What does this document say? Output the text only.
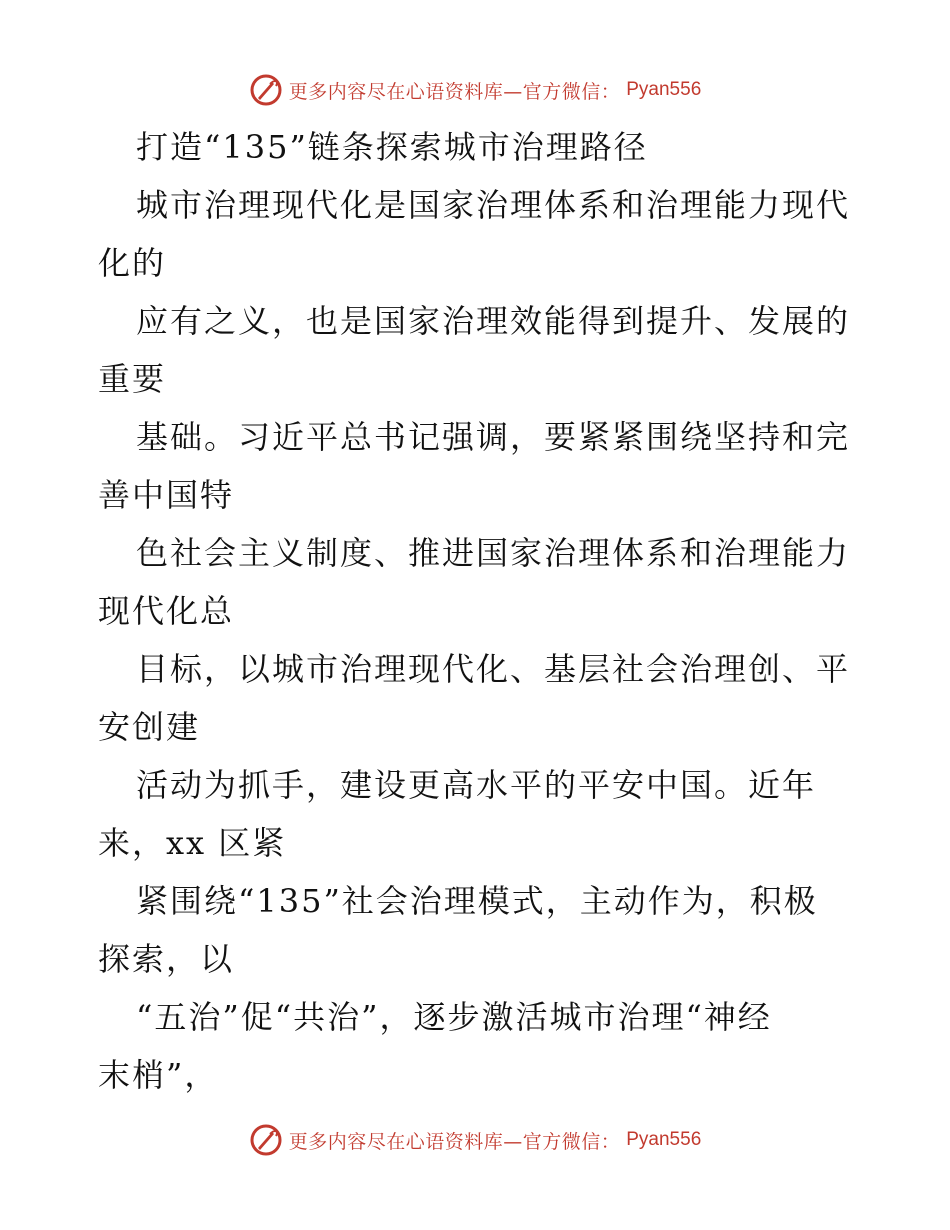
更多内容尽在心语资料库—官方微信： Pyan556
打造“135”链条探索城市治理路径
城市治理现代化是国家治理体系和治理能力现代
化的
应有之义，也是国家治理效能得到提升、发展的
重要
基础。习近平总书记强调，要紧紧围绕坚持和完
善中国特
色社会主义制度、推进国家治理体系和治理能力
现代化总
目标，以城市治理现代化、基层社会治理创、平
安创建
活动为抓手，建设更高水平的平安中国。近年
来，xx 区紧
紧围绕“135”社会治理模式，主动作为，积极
探索，以
“五治”促“共治”，逐步激活城市治理“神经
末梢”，
更多内容尽在心语资料库—官方微信： Pyan556
